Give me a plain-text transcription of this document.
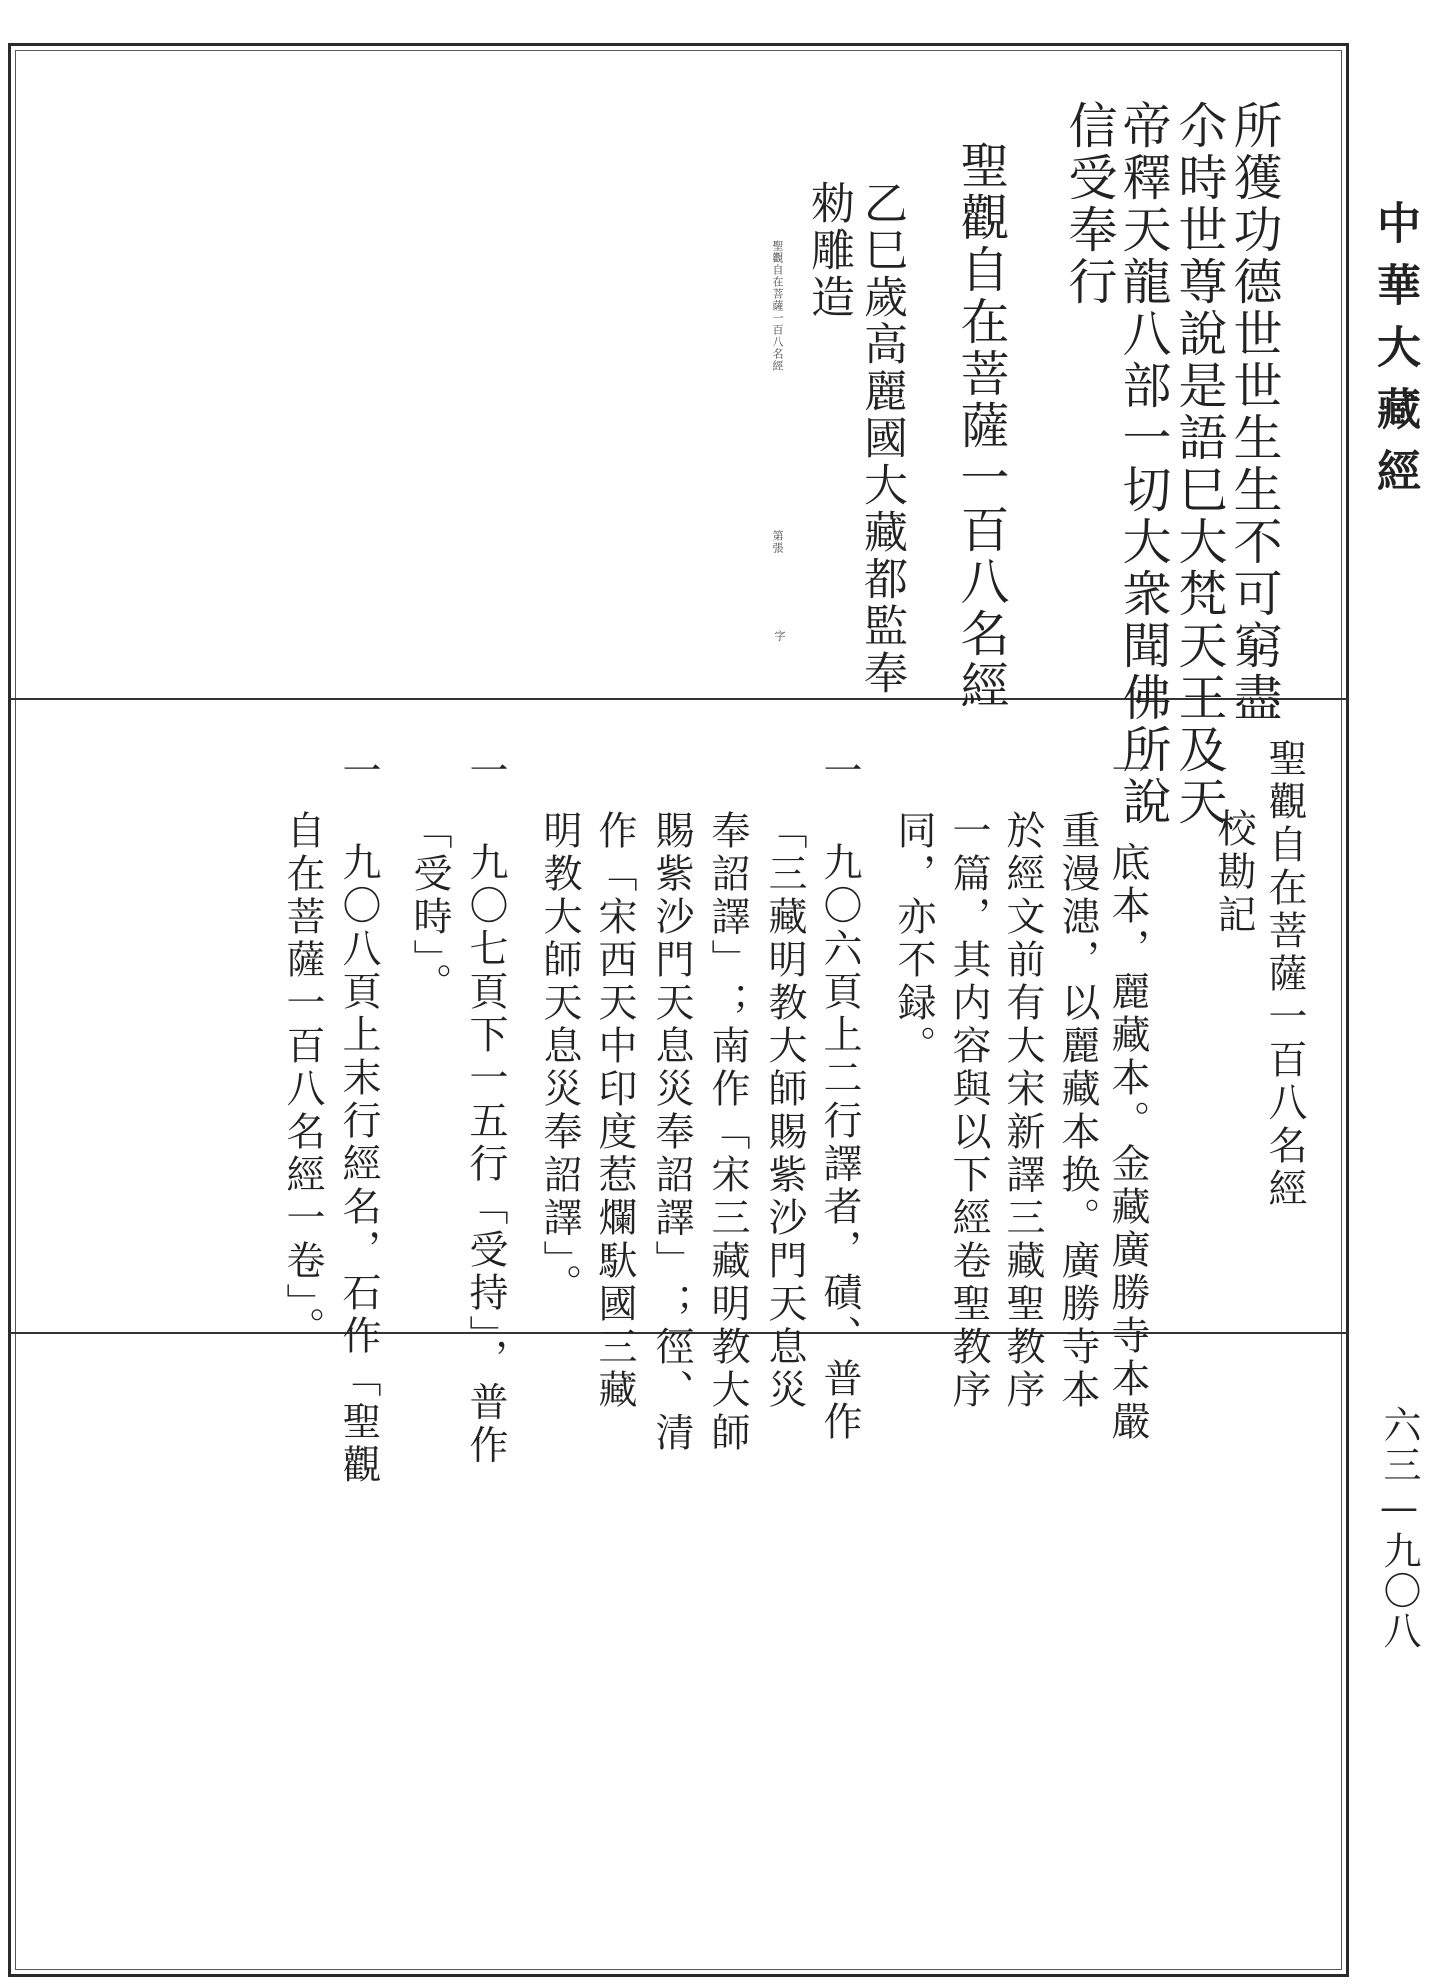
所獲功德世世生生不可窮盡
尒時世尊說是語巳大梵天王及天
帝釋天龍八部一切大衆聞佛所說
信受奉行
聖觀自在菩薩一百八名經
乙巳歲高麗國大藏都監奉
勑雕造
聖觀自在菩薩一百八名經
第張
字
聖觀自在菩薩一百八名經
校勘記
一 底本，麗藏本。金藏廣勝寺本嚴
重漫漶，以麗藏本换。廣勝寺本
於經文前有大宋新譯三藏聖教序
一篇，其内容與以下經卷聖教序
同，亦不録。
一 九〇六頁上二行譯者，磧、普作
「三藏明教大師賜紫沙門天息災
奉詔譯」；南作「宋三藏明教大師
賜紫沙門天息災奉詔譯」；徑、清
作「宋西天中印度惹爛馱國三藏
明教大師天息災奉詔譯」。
一 九〇七頁下一五行「受持」，普作
「受時」。
一 九〇八頁上末行經名，石作「聖觀
自在菩薩一百八名經一卷」。
中華大藏經
六三—九〇八
